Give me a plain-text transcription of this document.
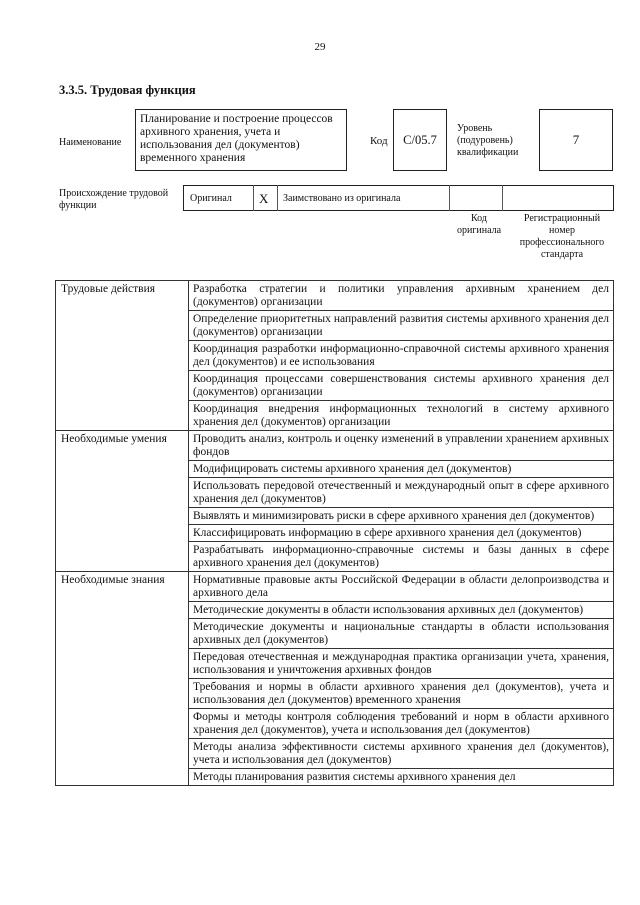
29
3.3.5. Трудовая функция
Наименование
Планирование и построение процессов архивного хранения, учета и использования дел (документов) временного хранения
Код C/05.7
Уровень (подуровень) квалификации
7
Происхождение трудовой функции
Оригинал X Заимствовано из оригинала
Код оригинала
Регистрационный номер профессионального стандарта
Трудовые действия	Разработка стратегии и политики управления архивным хранением дел (документов) организации
	Определение приоритетных направлений развития системы архивного хранения дел (документов) организации
	Координация разработки информационно-справочной системы архивного хранения дел (документов) и ее использования
	Координация процессами совершенствования системы архивного хранения дел (документов) организации
	Координация внедрения информационных технологий в систему архивного хранения дел (документов) организации
Необходимые умения	Проводить анализ, контроль и оценку изменений в управлении хранением архивных фондов
	Модифицировать системы архивного хранения дел (документов)
	Использовать передовой отечественный и международный опыт в сфере архивного хранения дел (документов)
	Выявлять и минимизировать риски в сфере архивного хранения дел (документов)
	Классифицировать информацию в сфере архивного хранения дел (документов)
	Разрабатывать информационно-справочные системы и базы данных в сфере архивного хранения дел (документов)
Необходимые знания	Нормативные правовые акты Российской Федерации в области делопроизводства и архивного дела
	Методические документы в области использования архивных дел (документов)
	Методические документы и национальные стандарты в области использования архивных дел (документов)
	Передовая отечественная и международная практика организации учета, хранения, использования и уничтожения архивных фондов
	Требования и нормы в области архивного хранения дел (документов), учета и использования дел (документов) временного хранения
	Формы и методы контроля соблюдения требований и норм в области архивного хранения дел (документов), учета и использования дел (документов)
	Методы анализа эффективности системы архивного хранения дел (документов), учета и использования дел (документов)
	Методы планирования развития системы архивного хранения дел
